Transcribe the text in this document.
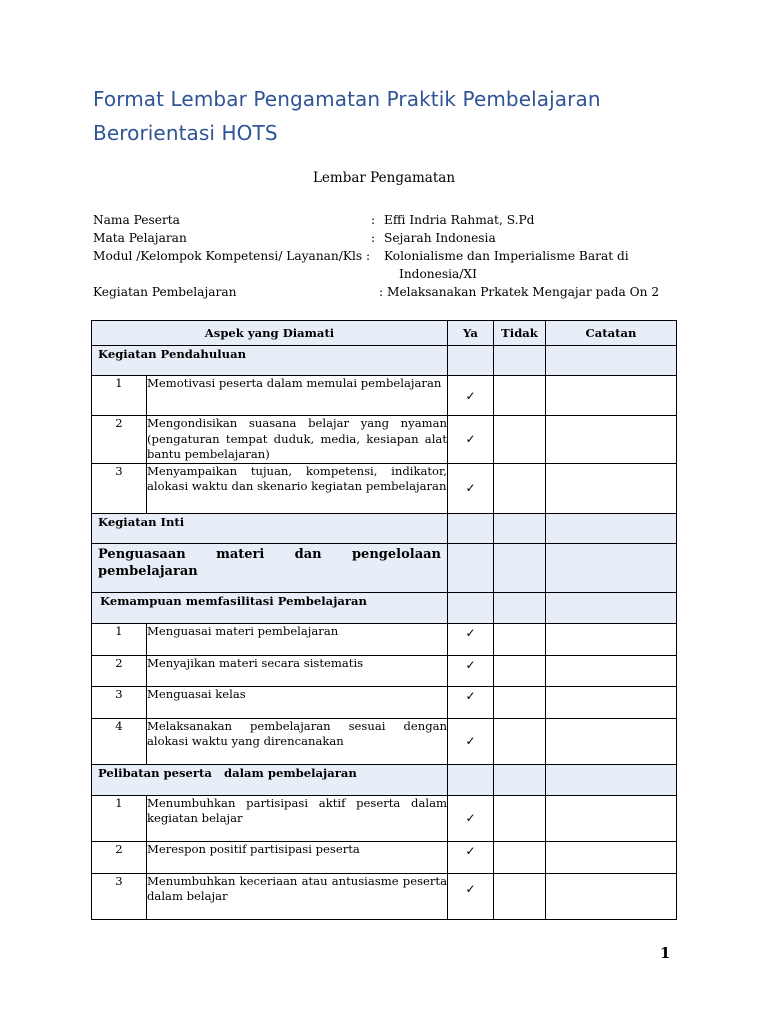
Format Lembar Pengamatan Praktik Pembelajaran
Berorientasi HOTS
Lembar Pengamatan
Nama Peserta	: Effi Indria Rahmat, S.Pd
Mata Pelajaran	: Sejarah Indonesia
Modul /Kelompok Kompetensi/ Layanan/Kls : Kolonialisme dan Imperialisme Barat di
Indonesia/XI
Kegiatan Pembelajaran	: Melaksanakan Prkatek Mengajar pada On 2
Aspek yang Diamati		Ya	Tidak	Catatan
Kegiatan Pendahuluan				
1	Memotivasi peserta dalam memulai pembelajaran	✓		
2	Mengondisikan suasana belajar yang nyaman (pengaturan tempat duduk, media, kesiapan alat bantu pembelajaran)	✓		
3	Menyampaikan tujuan, kompetensi, indikator, alokasi waktu dan skenario kegiatan pembelajaran	✓		
Kegiatan Inti				
Penguasaan materi dan pengelolaan pembelajaran				
Kemampuan memfasilitasi Pembelajaran				
1	Menguasai materi pembelajaran	✓		
2	Menyajikan materi secara sistematis	✓		
3	Menguasai kelas	✓		
4	Melaksanakan pembelajaran sesuai dengan alokasi waktu yang direncanakan	✓		
Pelibatan peserta   dalam pembelajaran				
1	Menumbuhkan partisipasi aktif peserta dalam kegiatan belajar	✓		
2	Merespon positif partisipasi peserta	✓		
3	Menumbuhkan keceriaan atau antusiasme peserta dalam belajar	✓		
1
